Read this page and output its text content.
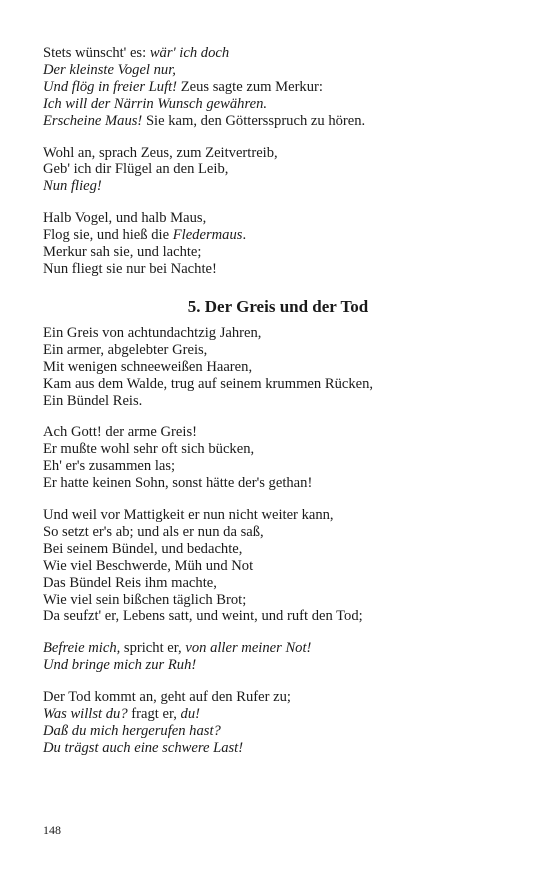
Stets wünscht' es: wär' ich doch
Der kleinste Vogel nur,
Und flög in freier Luft! Zeus sagte zum Merkur:
Ich will der Närrin Wunsch gewähren.
Erscheine Maus! Sie kam, den Göttersspruch zu hören.
Wohl an, sprach Zeus, zum Zeitvertreib,
Geb' ich dir Flügel an den Leib,
Nun flieg!
Halb Vogel, und halb Maus,
Flog sie, und hieß die Fledermaus.
Merkur sah sie, und lachte;
Nun fliegt sie nur bei Nachte!
5. Der Greis und der Tod
Ein Greis von achtundachtzig Jahren,
Ein armer, abgelebter Greis,
Mit wenigen schneeweißen Haaren,
Kam aus dem Walde, trug auf seinem krummen Rücken,
Ein Bündel Reis.
Ach Gott! der arme Greis!
Er mußte wohl sehr oft sich bücken,
Eh' er's zusammen las;
Er hatte keinen Sohn, sonst hätte der's gethan!
Und weil vor Mattigkeit er nun nicht weiter kann,
So setzt er's ab; und als er nun da saß,
Bei seinem Bündel, und bedachte,
Wie viel Beschwerde, Müh und Not
Das Bündel Reis ihm machte,
Wie viel sein bißchen täglich Brot;
Da seufzt' er, Lebens satt, und weint, und ruft den Tod;
Befreie mich, spricht er, von aller meiner Not!
Und bringe mich zur Ruh!
Der Tod kommt an, geht auf den Rufer zu;
Was willst du? fragt er, du!
Daß du mich hergerufen hast?
Du trägst auch eine schwere Last!
148
